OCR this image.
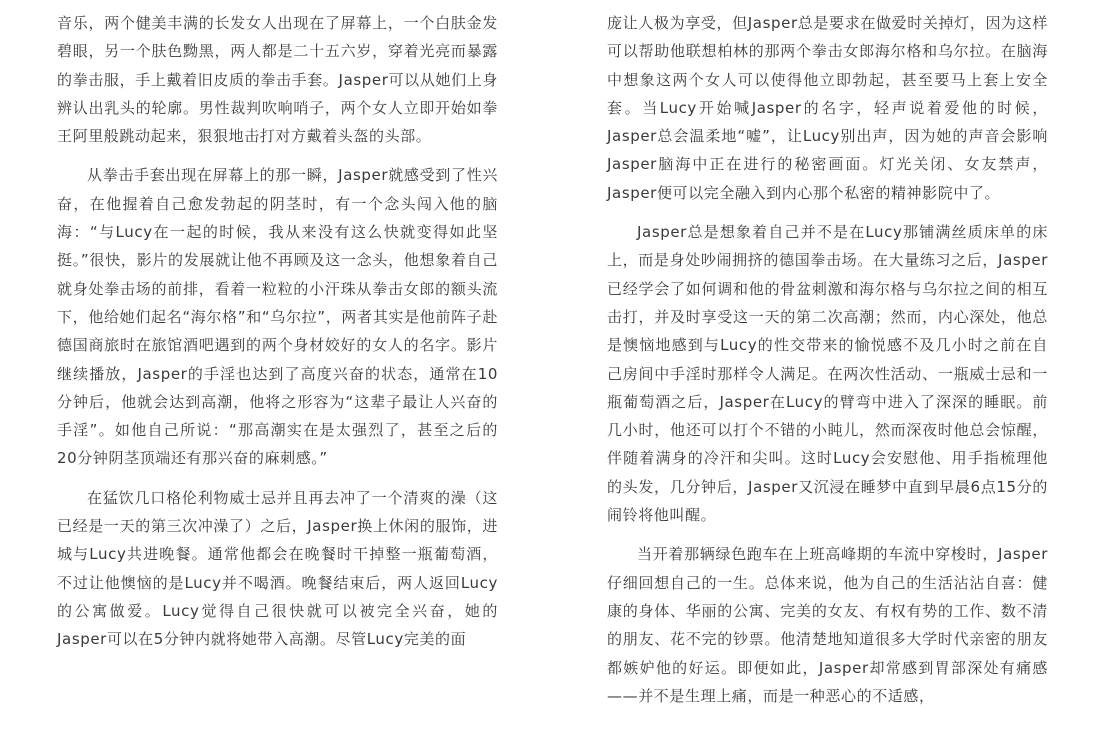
音乐，两个健美丰满的长发女人出现在了屏幕上，一个白肤金发碧眼，另一个肤色黝黑，两人都是二十五六岁，穿着光亮而暴露的拳击服，手上戴着旧皮质的拳击手套。Jasper可以从她们上身辨认出乳头的轮廓。男性裁判吹响哨子，两个女人立即开始如拳王阿里般跳动起来，狠狠地击打对方戴着头盔的头部。

从拳击手套出现在屏幕上的那一瞬，Jasper就感受到了性兴奋，在他握着自己愈发勃起的阴茎时，有一个念头闯入他的脑海：“与Lucy在一起的时候，我从来没有这么快就变得如此坚挺。”很快，影片的发展就让他不再顾及这一念头，他想象着自己就身处拳击场的前排，看着一粒粒的小汗珠从拳击女郎的额头流下，他给她们起名“海尔格”和“乌尔拉”，两者其实是他前阵子赴德国商旅时在旅馆酒吧遇到的两个身材姣好的女人的名字。影片继续播放，Jasper的手淫也达到了高度兴奋的状态，通常在10分钟后，他就会达到高潮，他将之形容为“这辈子最让人兴奋的手淫”。如他自己所说：“那高潮实在是太强烈了，甚至之后的20分钟阴茎顶端还有那兴奋的麻刺感。”

在猛饮几口格伦利物威士忌并且再去冲了一个清爽的澡（这已经是一天的第三次冲澡了）之后，Jasper换上休闲的服饰，进城与Lucy共进晚餐。通常他都会在晚餐时干掉整一瓶葡萄酒，不过让他懊恼的是Lucy并不喝酒。晚餐结束后，两人返回Lucy的公寓做爱。Lucy觉得自己很快就可以被完全兴奋，她的Jasper可以在5分钟内就将她带入高潮。尽管Lucy完美的面

庞让人极为享受，但Jasper总是要求在做爱时关掉灯，因为这样可以帮助他联想柏林的那两个拳击女郎海尔格和乌尔拉。在脑海中想象这两个女人可以使得他立即勃起，甚至要马上套上安全套。当Lucy开始喊Jasper的名字，轻声说着爱他的时候，Jasper总会温柔地“嘘”，让Lucy别出声，因为她的声音会影响Jasper脑海中正在进行的秘密画面。灯光关闭、女友禁声，Jasper便可以完全融入到内心那个私密的精神影院中了。

Jasper总是想象着自己并不是在Lucy那铺满丝质床单的床上，而是身处吵闹拥挤的德国拳击场。在大量练习之后，Jasper已经学会了如何调和他的骨盆刺激和海尔格与乌尔拉之间的相互击打，并及时享受这一天的第二次高潮；然而，内心深处，他总是懊恼地感到与Lucy的性交带来的愉悦感不及几小时之前在自己房间中手淫时那样令人满足。在两次性活动、一瓶威士忌和一瓶葡萄酒之后，Jasper在Lucy的臂弯中进入了深深的睡眠。前几小时，他还可以打个不错的小盹儿，然而深夜时他总会惊醒，伴随着满身的冷汗和尖叫。这时Lucy会安慰他、用手指梳理他的头发，几分钟后，Jasper又沉浸在睡梦中直到早晨6点15分的闹铃将他叫醒。

当开着那辆绿色跑车在上班高峰期的车流中穿梭时，Jasper仔细回想自己的一生。总体来说，他为自己的生活沾沾自喜：健康的身体、华丽的公寓、完美的女友、有权有势的工作、数不清的朋友、花不完的钞票。他清楚地知道很多大学时代亲密的朋友都嫉妒他的好运。即便如此，Jasper却常感到胃部深处有痛感——并不是生理上痛，而是一种恶心的不适感，
